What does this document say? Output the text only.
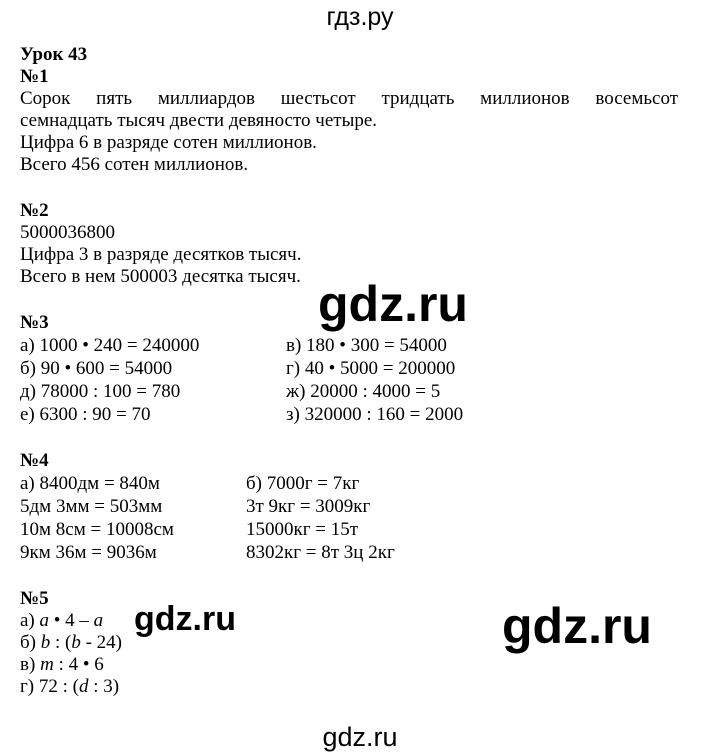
гдз.ру
Урок 43
№1
Сорок пять миллиардов шестьсот тридцать миллионов восемьсот
семнадцать тысяч двести девяносто четыре.
Цифра 6 в разряде сотен миллионов.
Всего 456 сотен миллионов.
№2
5000036800
Цифра 3 в разряде десятков тысяч.
Всего в нем 500003 десятка тысяч.
№3
а) 1000 • 240 = 240000	в) 180 • 300 = 54000
б) 90 • 600 = 54000	г) 40 • 5000 = 200000
д) 78000 : 100 = 780	ж) 20000 : 4000 = 5
е) 6300 : 90 = 70	з) 320000 : 160 = 2000
№4
а) 8400дм = 840м	б) 7000г = 7кг
5дм 3мм = 503мм	3т 9кг = 3009кг
10м 8см = 10008см	15000кг = 15т
9км 36м = 9036м	8302кг = 8т 3ц 2кг
№5
а) a • 4 – a
б) b : (b - 24)
в) m : 4 • 6
г) 72 : (d : 3)
gdz.ru
gdz.ru	gdz.ru
gdz.ru
